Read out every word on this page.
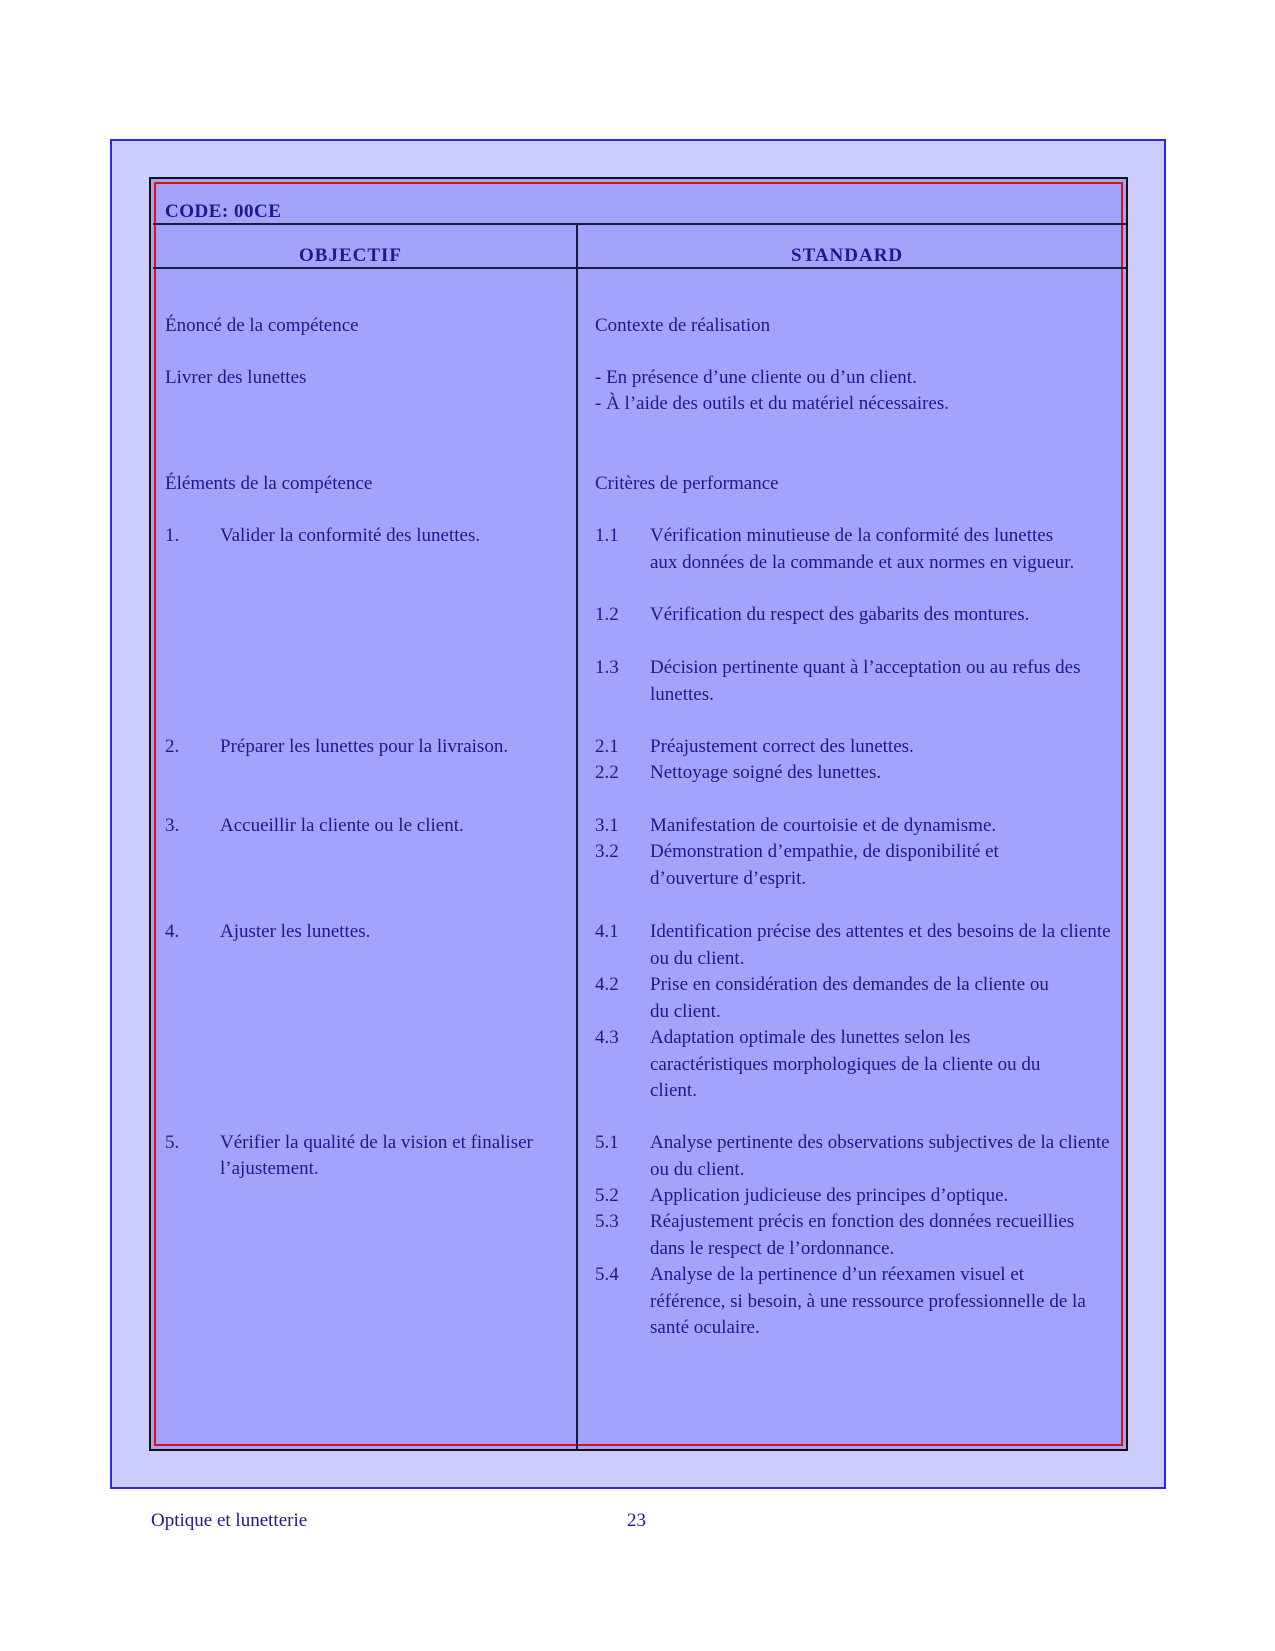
CODE: 00CE
OBJECTIF	STANDARD
Énoncé de la compétence
Livrer des lunettes
Éléments de la compétence
1. Valider la conformité des lunettes.
2. Préparer les lunettes pour la livraison.
3. Accueillir la cliente ou le client.
4. Ajuster les lunettes.
5. Vérifier la qualité de la vision et finaliser l’ajustement.
Contexte de réalisation
- En présence d’une cliente ou d’un client.
- À l’aide des outils et du matériel nécessaires.
Critères de performance
1.1 Vérification minutieuse de la conformité des lunettes aux données de la commande et aux normes en vigueur.
1.2 Vérification du respect des gabarits des montures.
1.3 Décision pertinente quant à l’acceptation ou au refus des lunettes.
2.1 Préajustement correct des lunettes.
2.2 Nettoyage soigné des lunettes.
3.1 Manifestation de courtoisie et de dynamisme.
3.2 Démonstration d’empathie, de disponibilité et d’ouverture d’esprit.
4.1 Identification précise des attentes et des besoins de la cliente ou du client.
4.2 Prise en considération des demandes de la cliente ou du client.
4.3 Adaptation optimale des lunettes selon les caractéristiques morphologiques de la cliente ou du client.
5.1 Analyse pertinente des observations subjectives de la cliente ou du client.
5.2 Application judicieuse des principes d’optique.
5.3 Réajustement précis en fonction des données recueillies dans le respect de l’ordonnance.
5.4 Analyse de la pertinence d’un réexamen visuel et référence, si besoin, à une ressource professionnelle de la santé oculaire.
Optique et lunetterie	23
